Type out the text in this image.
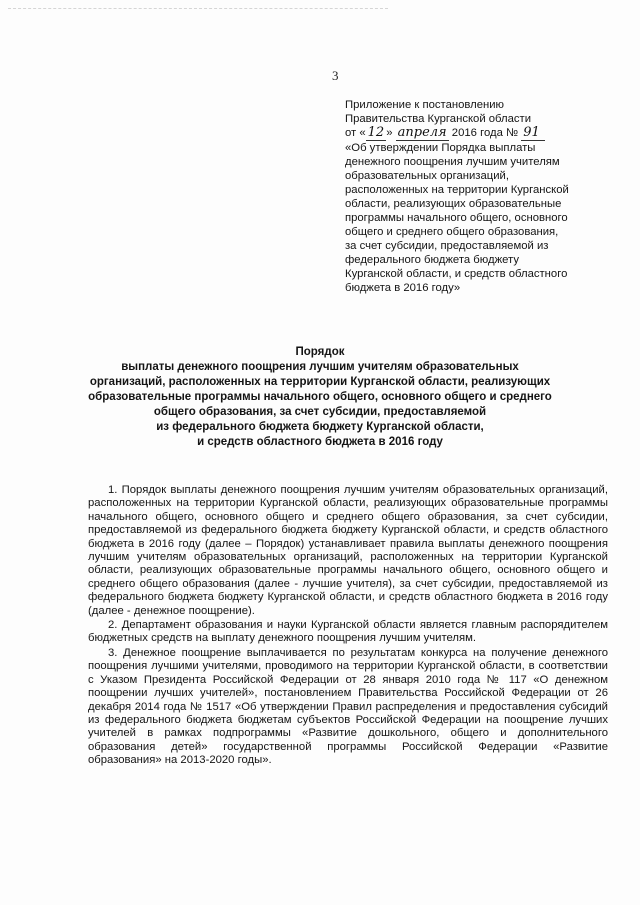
3
Приложение к постановлению
Правительства Курганской области
от « 12 » апреля 2016 года № 91
«Об утверждении Порядка выплаты
денежного поощрения лучшим учителям
образовательных организаций,
расположенных на территории Курганской
области, реализующих образовательные
программы начального общего, основного
общего и среднего общего образования,
за счет субсидии, предоставляемой из
федерального бюджета бюджету
Курганской области, и средств областного
бюджета в 2016 году»
Порядок
выплаты денежного поощрения лучшим учителям образовательных
организаций, расположенных на территории Курганской области, реализующих
образовательные программы начального общего, основного общего и среднего
общего образования, за счет субсидии, предоставляемой
из федерального бюджета бюджету Курганской области,
и средств областного бюджета в 2016 году

1. Порядок выплаты денежного поощрения лучшим учителям образовательных организаций, расположенных на территории Курганской области, реализующих образовательные программы начального общего, основного общего и среднего общего образования, за счет субсидии, предоставляемой из федерального бюджета бюджету Курганской области, и средств областного бюджета в 2016 году (далее – Порядок) устанавливает правила выплаты денежного поощрения лучшим учителям образовательных организаций, расположенных на территории Курганской области, реализующих образовательные программы начального общего, основного общего и среднего общего образования (далее - лучшие учителя), за счет субсидии, предоставляемой из федерального бюджета бюджету Курганской области, и средств областного бюджета в 2016 году (далее - денежное поощрение).

2. Департамент образования и науки Курганской области является главным распорядителем бюджетных средств на выплату денежного поощрения лучшим учителям.

3. Денежное поощрение выплачивается по результатам конкурса на получение денежного поощрения лучшими учителями, проводимого на территории Курганской области, в соответствии с Указом Президента Российской Федерации от 28 января 2010 года № 117 «О денежном поощрении лучших учителей», постановлением Правительства Российской Федерации от 26 декабря 2014 года № 1517 «Об утверждении Правил распределения и предоставления субсидий из федерального бюджета бюджетам субъектов Российской Федерации на поощрение лучших учителей в рамках подпрограммы «Развитие дошкольного, общего и дополнительного образования детей» государственной программы Российской Федерации «Развитие образования» на 2013-2020 годы».
